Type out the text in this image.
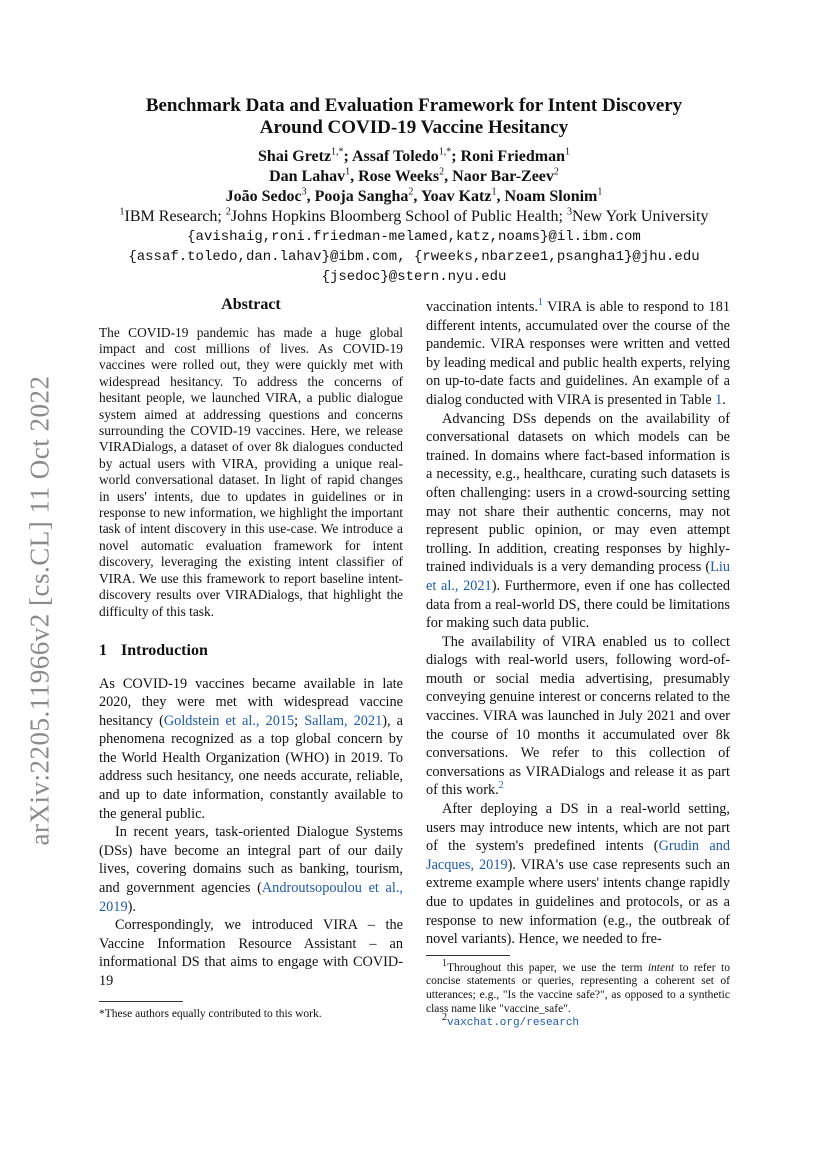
arXiv:2205.11966v2 [cs.CL] 11 Oct 2022
Benchmark Data and Evaluation Framework for Intent Discovery
Around COVID-19 Vaccine Hesitancy
Shai Gretz$^{1,*}$; Assaf Toledo$^{1,*}$; Roni Friedman$^1$
Dan Lahav$^1$, Rose Weeks$^2$, Naor Bar-Zeev$^2$
João Sedoc$^3$, Pooja Sangha$^2$, Yoav Katz$^1$, Noam Slonim$^1$
$^1$IBM Research; $^2$Johns Hopkins Bloomberg School of Public Health; $^3$New York University
{avishaig,roni.friedman-melamed,katz,noams}@il.ibm.com
{assaf.toledo,dan.lahav}@ibm.com, {rweeks,nbarzee1,psangha1}@jhu.edu
{jsedoc}@stern.nyu.edu
Abstract

The COVID-19 pandemic has made a huge global impact and cost millions of lives. As COVID-19 vaccines were rolled out, they were quickly met with widespread hesitancy. To address the concerns of hesitant people, we launched VIRA, a public dialogue system aimed at addressing questions and concerns surrounding the COVID-19 vaccines. Here, we release VIRADialogs, a dataset of over 8k dialogues conducted by actual users with VIRA, providing a unique real-world conversational dataset. In light of rapid changes in users' intents, due to updates in guidelines or in response to new information, we highlight the important task of intent discovery in this use-case. We introduce a novel automatic evaluation framework for intent discovery, leveraging the existing intent classifier of VIRA. We use this framework to report baseline intent-discovery results over VIRADialogs, that highlight the difficulty of this task.

1 Introduction

As COVID-19 vaccines became available in late 2020, they were met with widespread vaccine hesitancy (Goldstein et al., 2015; Sallam, 2021), a phenomena recognized as a top global concern by the World Health Organization (WHO) in 2019. To address such hesitancy, one needs accurate, reliable, and up to date information, constantly available to the general public.

In recent years, task-oriented Dialogue Systems (DSs) have become an integral part of our daily lives, covering domains such as banking, tourism, and government agencies (Androutsopoulou et al., 2019).

Correspondingly, we introduced VIRA – the Vaccine Information Resource Assistant – an informational DS that aims to engage with COVID-19

*These authors equally contributed to this work.

vaccination intents.$^1$ VIRA is able to respond to 181 different intents, accumulated over the course of the pandemic. VIRA responses were written and vetted by leading medical and public health experts, relying on up-to-date facts and guidelines. An example of a dialog conducted with VIRA is presented in Table 1.

Advancing DSs depends on the availability of conversational datasets on which models can be trained. In domains where fact-based information is a necessity, e.g., healthcare, curating such datasets is often challenging: users in a crowd-sourcing setting may not share their authentic concerns, may not represent public opinion, or may even attempt trolling. In addition, creating responses by highly-trained individuals is a very demanding process (Liu et al., 2021). Furthermore, even if one has collected data from a real-world DS, there could be limitations for making such data public.

The availability of VIRA enabled us to collect dialogs with real-world users, following word-of-mouth or social media advertising, presumably conveying genuine interest or concerns related to the vaccines. VIRA was launched in July 2021 and over the course of 10 months it accumulated over 8k conversations. We refer to this collection of conversations as VIRADialogs and release it as part of this work.$^2$

After deploying a DS in a real-world setting, users may introduce new intents, which are not part of the system's predefined intents (Grudin and Jacques, 2019). VIRA's use case represents such an extreme example where users' intents change rapidly due to updates in guidelines and protocols, or as a response to new information (e.g., the outbreak of novel variants). Hence, we needed to fre-

$^1$Throughout this paper, we use the term intent to refer to concise statements or queries, representing a coherent set of utterances; e.g., "Is the vaccine safe?", as opposed to a synthetic class name like "vaccine_safe".
$^2$vaxchat.org/research
